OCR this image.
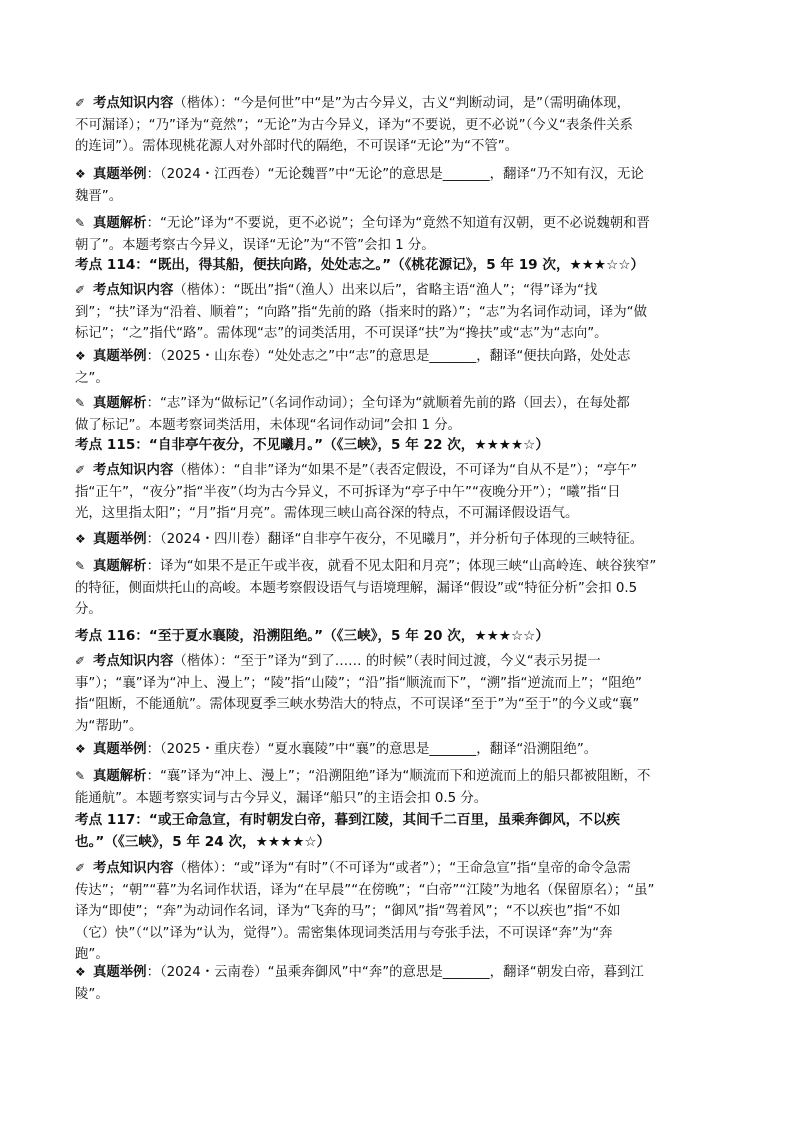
✐ 考点知识内容（楷体）：“今是何世”中“是”为古今异义，古义“判断动词，是”（需明确体现，
不可漏译）；“乃”译为“竟然”；“无论”为古今异义，译为“不要说，更不必说”（今义“表条件关系
的连词”）。需体现桃花源人对外部时代的隔绝，不可误译“无论”为“不管”。
❖ 真题举例：（2024・江西卷）“无论魏晋”中“无论”的意思是_______，翻译“乃不知有汉，无论
魏晋”。
✎ 真题解析：“无论”译为“不要说，更不必说”；全句译为“竟然不知道有汉朝，更不必说魏朝和晋
朝了”。本题考察古今异义，误译“无论”为“不管”会扣 1 分。
考点 114：“既出，得其船，便扶向路，处处志之。”（《桃花源记》，5 年 19 次，★★★☆☆）
✐ 考点知识内容（楷体）：“既出”指“（渔人）出来以后”，省略主语“渔人”；“得”译为“找
到”；“扶”译为“沿着、顺着”；“向路”指“先前的路（指来时的路）”；“志”为名词作动词，译为“做
标记”；“之”指代“路”。需体现“志”的词类活用，不可误译“扶”为“搀扶”或“志”为“志向”。
❖ 真题举例：（2025・山东卷）“处处志之”中“志”的意思是_______，翻译“便扶向路，处处志
之”。
✎ 真题解析：“志”译为“做标记”（名词作动词）；全句译为“就顺着先前的路（回去），在每处都
做了标记”。本题考察词类活用，未体现“名词作动词”会扣 1 分。
考点 115：“自非亭午夜分，不见曦月。”（《三峡》，5 年 22 次，★★★★☆）
✐ 考点知识内容（楷体）：“自非”译为“如果不是”（表否定假设，不可译为“自从不是”）；“亭午”
指“正午”，“夜分”指“半夜”（均为古今异义，不可拆译为“亭子中午”“夜晚分开”）；“曦”指“日
光，这里指太阳”；“月”指“月亮”。需体现三峡山高谷深的特点，不可漏译假设语气。
❖ 真题举例：（2024・四川卷）翻译“自非亭午夜分，不见曦月”，并分析句子体现的三峡特征。
✎ 真题解析：译为“如果不是正午或半夜，就看不见太阳和月亮”；体现三峡“山高岭连、峡谷狭窄”
的特征，侧面烘托山的高峻。本题考察假设语气与语境理解，漏译“假设”或“特征分析”会扣 0.5
分。
考点 116：“至于夏水襄陵，沿溯阻绝。”（《三峡》，5 年 20 次，★★★☆☆）
✐ 考点知识内容（楷体）：“至于”译为“到了…… 的时候”（表时间过渡，今义“表示另提一
事”）；“襄”译为“冲上、漫上”；“陵”指“山陵”；“沿”指“顺流而下”，“溯”指“逆流而上”；“阻绝”
指“阻断，不能通航”。需体现夏季三峡水势浩大的特点，不可误译“至于”为“至于”的今义或“襄”
为“帮助”。
❖ 真题举例：（2025・重庆卷）“夏水襄陵”中“襄”的意思是_______，翻译“沿溯阻绝”。
✎ 真题解析：“襄”译为“冲上、漫上”；“沿溯阻绝”译为“顺流而下和逆流而上的船只都被阻断，不
能通航”。本题考察实词与古今异义，漏译“船只”的主语会扣 0.5 分。
考点 117：“或王命急宣，有时朝发白帝，暮到江陵，其间千二百里，虽乘奔御风，不以疾
也。”（《三峡》，5 年 24 次，★★★★☆）
✐ 考点知识内容（楷体）：“或”译为“有时”（不可译为“或者”）；“王命急宣”指“皇帝的命令急需
传达”；“朝”“暮”为名词作状语，译为“在早晨”“在傍晚”；“白帝”“江陵”为地名（保留原名）；“虽”
译为“即使”；“奔”为动词作名词，译为“飞奔的马”；“御风”指“驾着风”；“不以疾也”指“不如
（它）快”（“以”译为“认为，觉得”）。需密集体现词类活用与夸张手法，不可误译“奔”为“奔
跑”。
❖ 真题举例：（2024・云南卷）“虽乘奔御风”中“奔”的意思是_______，翻译“朝发白帝，暮到江
陵”。
